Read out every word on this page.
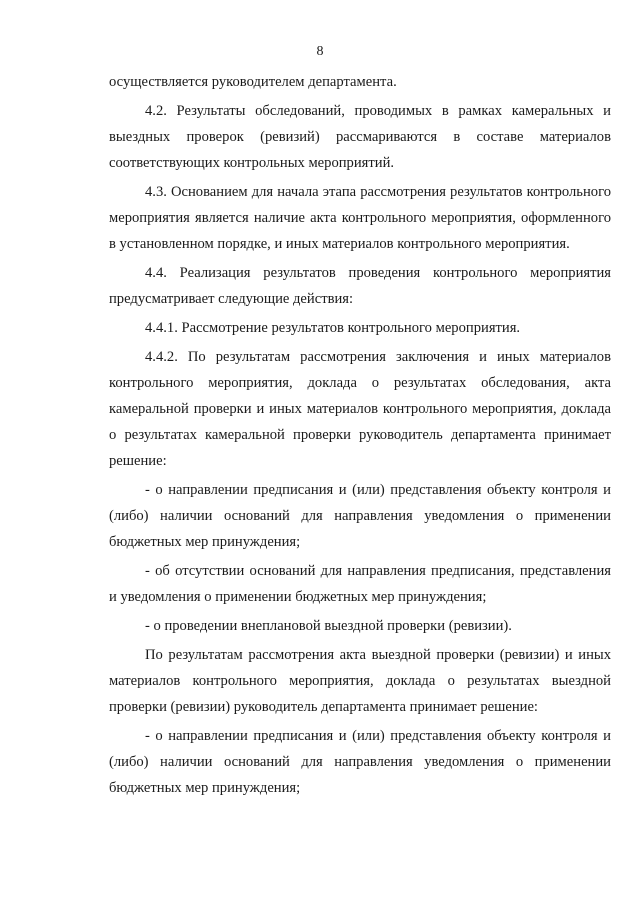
8

осуществляется руководителем департамента.

4.2. Результаты обследований, проводимых в рамках камеральных и выездных проверок (ревизий) рассмариваются в составе материалов соответствующих контрольных мероприятий.

4.3. Основанием для начала этапа рассмотрения результатов контрольного мероприятия является наличие акта контрольного мероприятия, оформленного в установленном порядке, и иных материалов контрольного мероприятия.

4.4. Реализация результатов проведения контрольного мероприятия предусматривает следующие действия:

4.4.1. Рассмотрение результатов контрольного мероприятия.

4.4.2. По результатам рассмотрения заключения и иных материалов контрольного мероприятия, доклада о результатах обследования, акта камеральной проверки и иных материалов контрольного мероприятия, доклада о результатах камеральной проверки руководитель департамента принимает решение:

- о направлении предписания и (или) представления объекту контроля и (либо) наличии оснований для направления уведомления о применении бюджетных мер принуждения;

- об отсутствии оснований для направления предписания, представления и уведомления о применении бюджетных мер принуждения;

- о проведении внеплановой выездной проверки (ревизии).

По результатам рассмотрения акта выездной проверки (ревизии) и иных материалов контрольного мероприятия, доклада о результатах выездной проверки (ревизии) руководитель департамента принимает решение:

- о направлении предписания и (или) представления объекту контроля и (либо) наличии оснований для направления уведомления о применении бюджетных мер принуждения;
